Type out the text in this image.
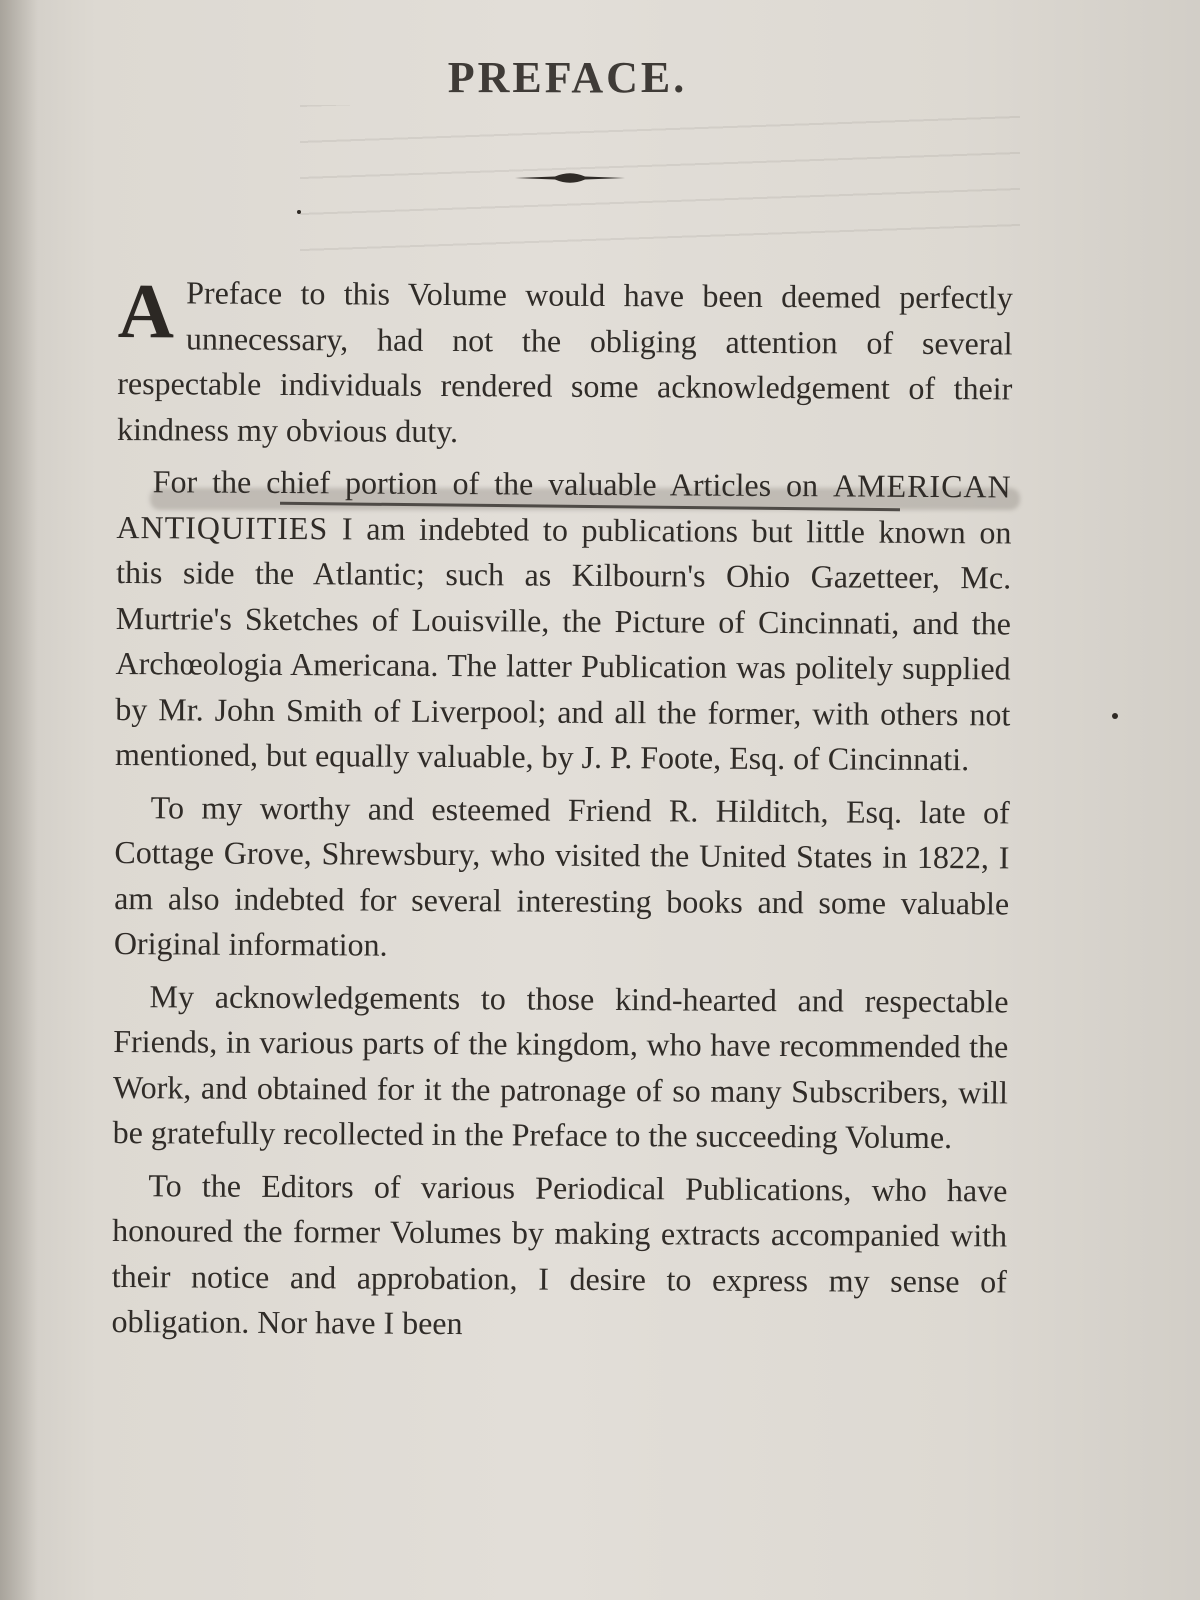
PREFACE.

A Preface to this Volume would have been deemed perfectly unnecessary, had not the obliging attention of several respectable individuals rendered some acknowledgement of their kindness my obvious duty.

For the chief portion of the valuable Articles on AMERICAN ANTIQUITIES I am indebted to publications but little known on this side the Atlantic; such as Kilbourn's Ohio Gazetteer, Mc. Murtrie's Sketches of Louisville, the Picture of Cincinnati, and the Archœologia Americana. The latter Publication was politely supplied by Mr. John Smith of Liverpool; and all the former, with others not mentioned, but equally valuable, by J. P. Foote, Esq. of Cincinnati.

To my worthy and esteemed Friend R. Hilditch, Esq. late of Cottage Grove, Shrewsbury, who visited the United States in 1822, I am also indebted for several interesting books and some valuable Original information.

My acknowledgements to those kind-hearted and respectable Friends, in various parts of the kingdom, who have recommended the Work, and obtained for it the patronage of so many Subscribers, will be gratefully recollected in the Preface to the succeeding Volume.

To the Editors of various Periodical Publications, who have honoured the former Volumes by making extracts accompanied with their notice and approbation, I desire to express my sense of obligation. Nor have I been
